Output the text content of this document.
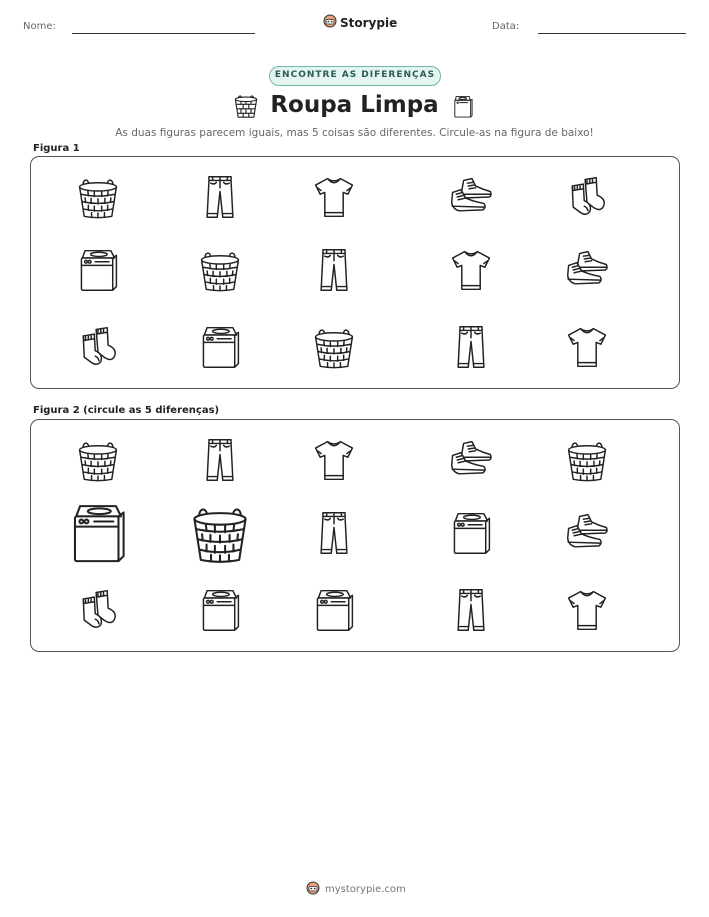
Nome:	Storypie	Data:
ENCONTRE AS DIFERENÇAS
Roupa Limpa
As duas figuras parecem iguais, mas 5 coisas são diferentes. Circule-as na figura de baixo!
Figura 1
Figura 2 (circule as 5 diferenças)
mystorypie.com
